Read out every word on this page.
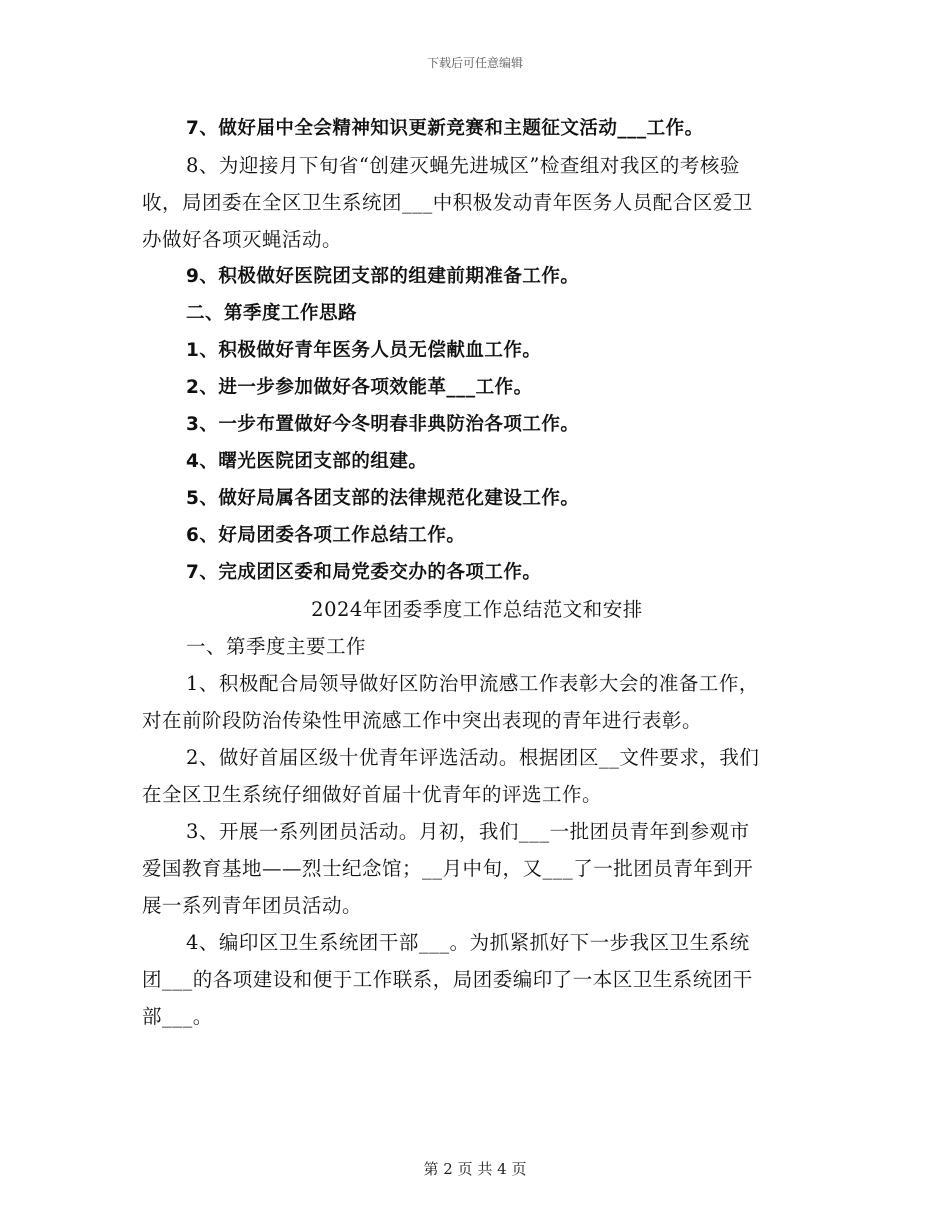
下载后可任意编辑

7、做好届中全会精神知识更新竞赛和主题征文活动___工作。

8、为迎接月下旬省“创建灭蝇先进城区”检查组对我区的考核验

收，局团委在全区卫生系统团___中积极发动青年医务人员配合区爱卫

办做好各项灭蝇活动。

9、积极做好医院团支部的组建前期准备工作。

二、第季度工作思路

1、积极做好青年医务人员无偿献血工作。

2、进一步参加做好各项效能革___工作。

3、一步布置做好今冬明春非典防治各项工作。

4、曙光医院团支部的组建。

5、做好局属各团支部的法律规范化建设工作。

6、好局团委各项工作总结工作。

7、完成团区委和局党委交办的各项工作。

2024年团委季度工作总结范文和安排

一、第季度主要工作

1、积极配合局领导做好区防治甲流感工作表彰大会的准备工作，

对在前阶段防治传染性甲流感工作中突出表现的青年进行表彰。

2、做好首届区级十优青年评选活动。根据团区__文件要求，我们

在全区卫生系统仔细做好首届十优青年的评选工作。

3、开展一系列团员活动。月初，我们___一批团员青年到参观市

爱国教育基地——烈士纪念馆；__月中旬，又___了一批团员青年到开

展一系列青年团员活动。

4、编印区卫生系统团干部___。为抓紧抓好下一步我区卫生系统

团___的各项建设和便于工作联系，局团委编印了一本区卫生系统团干

部___。

第 2 页 共 4 页
